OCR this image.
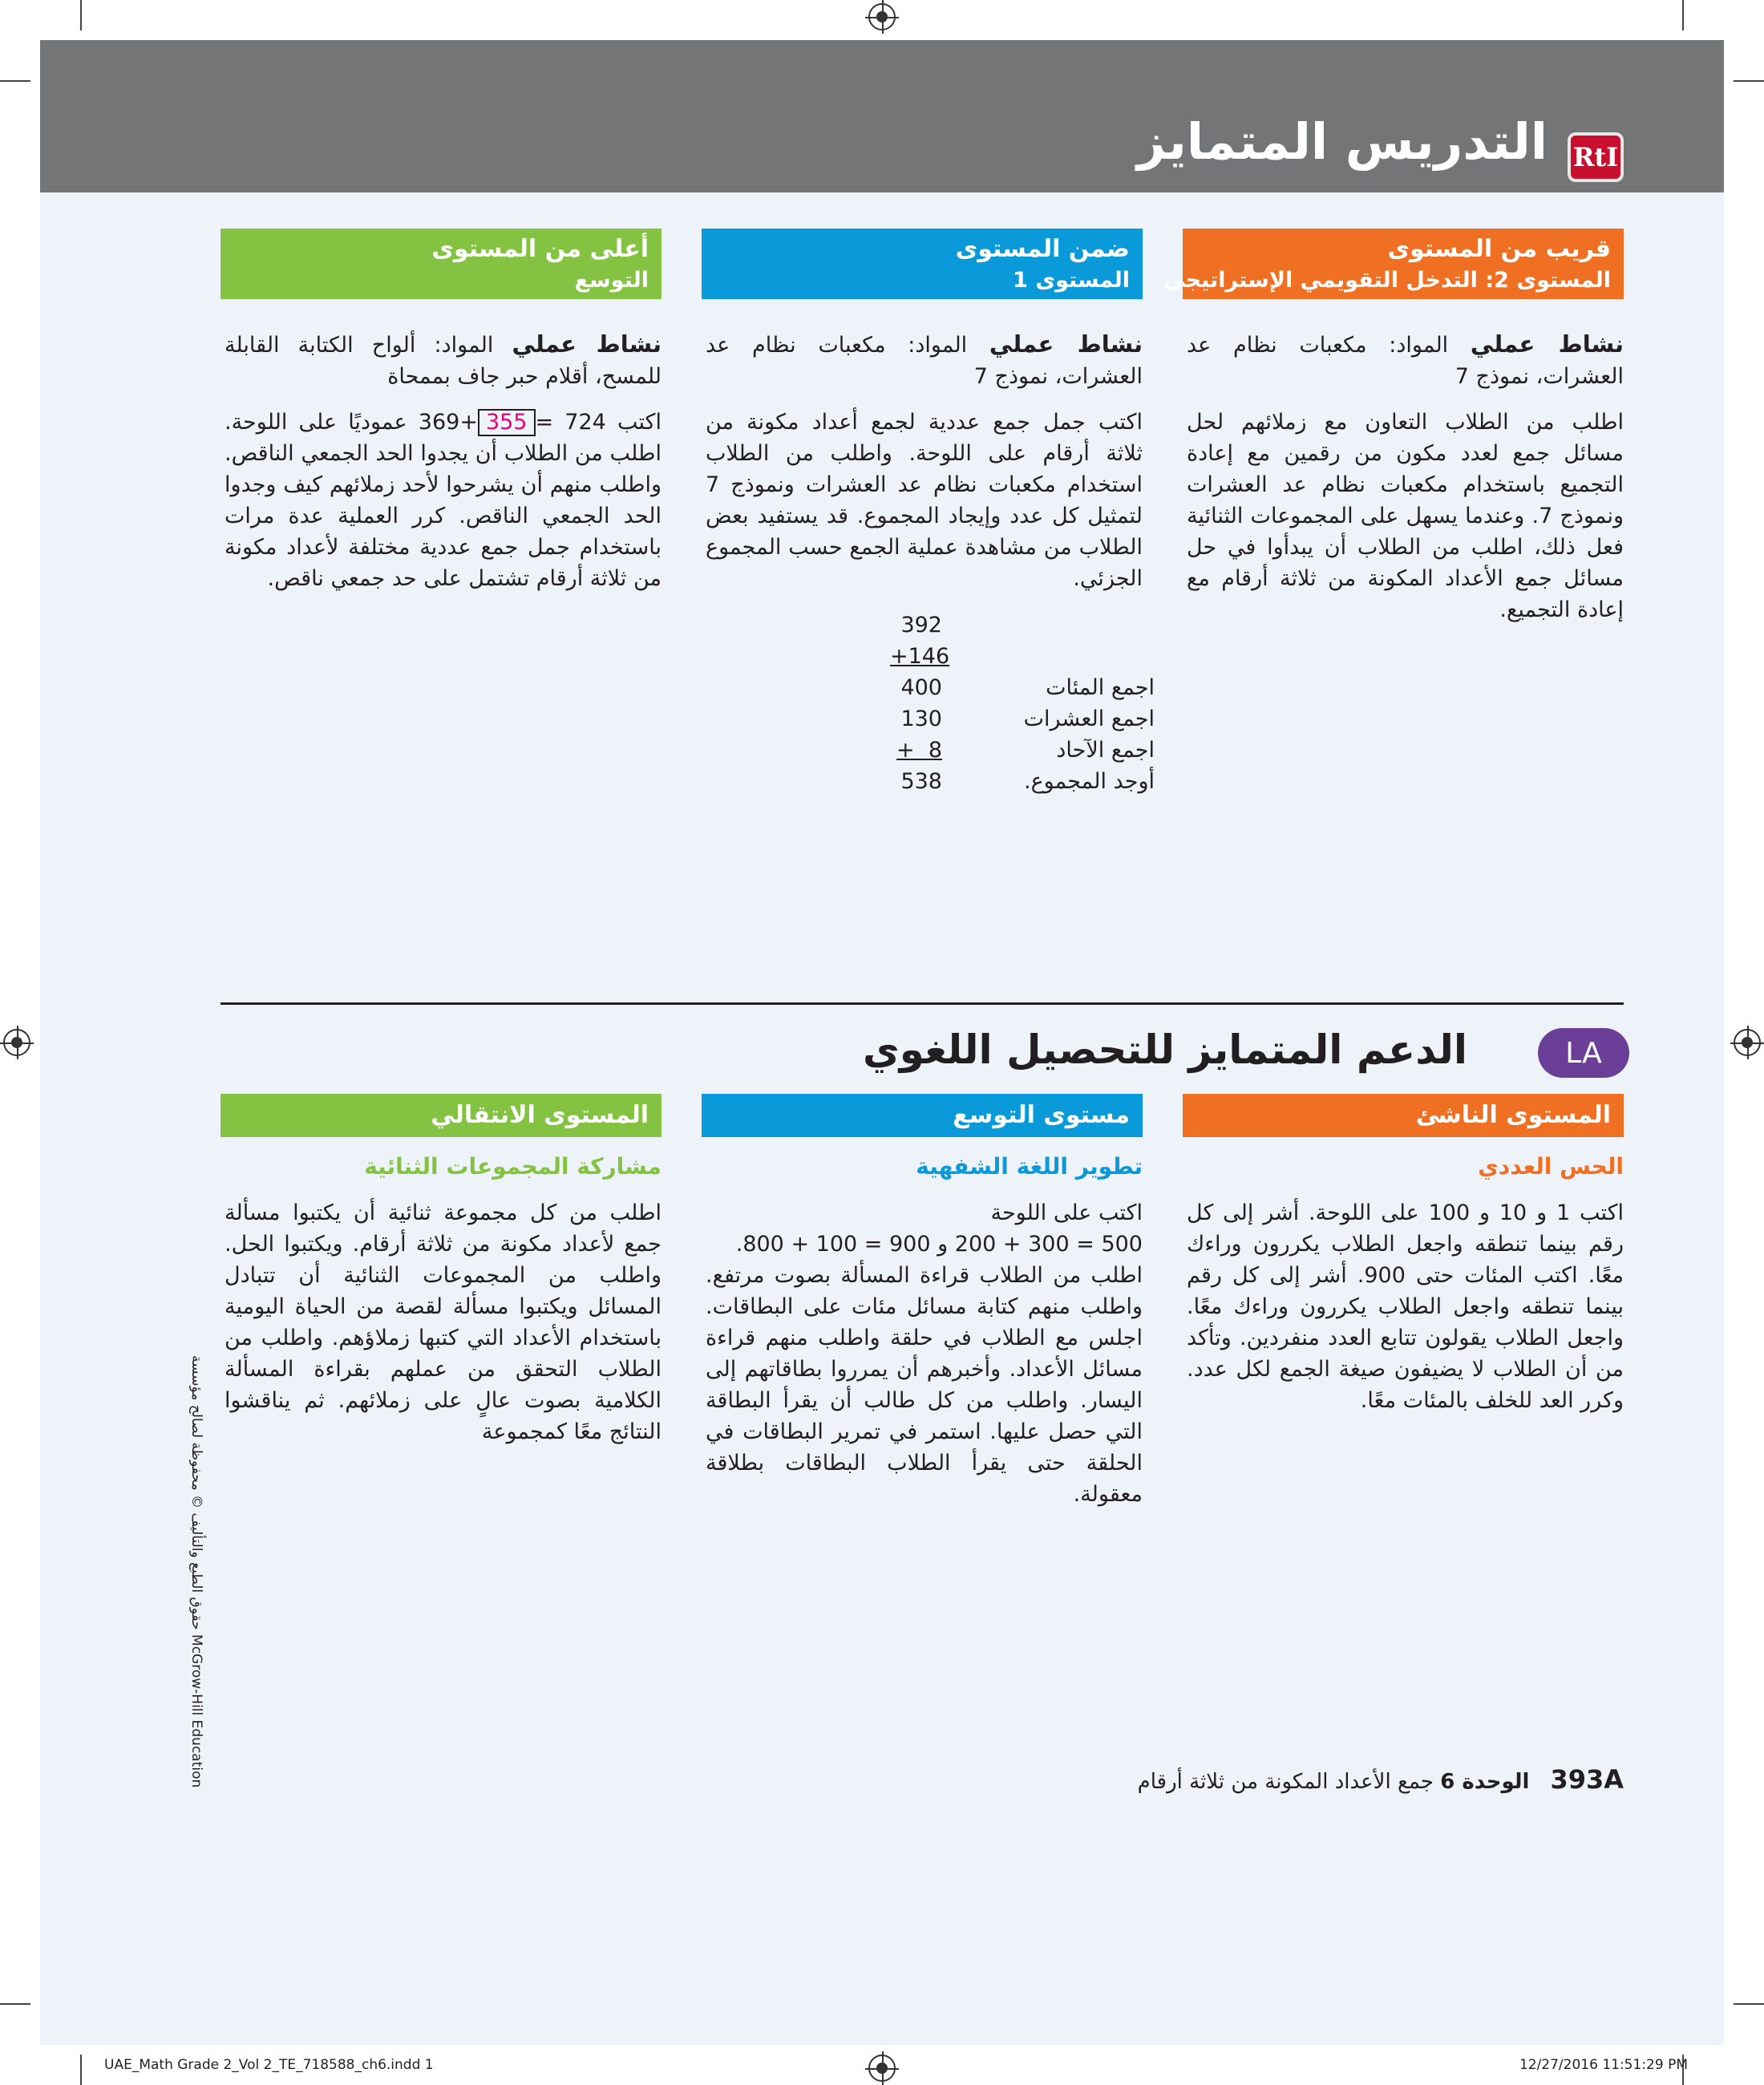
RtI
التدريس المتمايز
قريب من المستوى
المستوى 2: التدخل التقويمي الإستراتيجي
ضمن المستوى
المستوى 1
أعلى من المستوى
التوسع

نشاط عملي المواد: مكعبات نظام عد العشرات، نموذج 7

اطلب من الطلاب التعاون مع زملائهم لحل مسائل جمع لعدد مكون من رقمين مع إعادة التجميع باستخدام مكعبات نظام عد العشرات ونموذج 7. وعندما يسهل على المجموعات الثنائية فعل ذلك، اطلب من الطلاب أن يبدأوا في حل مسائل جمع الأعداد المكونة من ثلاثة أرقام مع إعادة التجميع.

نشاط عملي المواد: مكعبات نظام عد العشرات، نموذج 7

اكتب جمل جمع عددية لجمع أعداد مكونة من ثلاثة أرقام على اللوحة. واطلب من الطلاب استخدام مكعبات نظام عد العشرات ونموذج 7 لتمثيل كل عدد وإيجاد المجموع. قد يستفيد بعض الطلاب من مشاهدة عملية الجمع حسب المجموع الجزئي.

392
+146
400	اجمع المئات
130	اجمع العشرات
+  8	اجمع الآحاد
538	أوجد المجموع.

نشاط عملي المواد: ألواح الكتابة القابلة للمسح، أقلام حبر جاف بممحاة

اكتب 724 =355+369 عموديًا على اللوحة. اطلب من الطلاب أن يجدوا الحد الجمعي الناقص. واطلب منهم أن يشرحوا لأحد زملائهم كيف وجدوا الحد الجمعي الناقص. كرر العملية عدة مرات باستخدام جمل جمع عددية مختلفة لأعداد مكونة من ثلاثة أرقام تشتمل على حد جمعي ناقص.

LA
الدعم المتمايز للتحصيل اللغوي
المستوى الناشئ
مستوى التوسع
المستوى الانتقالي
الحس العددي
تطوير اللغة الشفهية
مشاركة المجموعات الثنائية

اكتب 1 و 10 و 100 على اللوحة. أشر إلى كل رقم بينما تنطقه واجعل الطلاب يكررون وراءك معًا. اكتب المئات حتى 900. أشر إلى كل رقم بينما تنطقه واجعل الطلاب يكررون وراءك معًا. واجعل الطلاب يقولون تتابع العدد منفردين. وتأكد من أن الطلاب لا يضيفون صيغة الجمع لكل عدد. وكرر العد للخلف بالمئات معًا.

اكتب على اللوحة

500 = 300 + 200 و 900 = 100 + 800.

اطلب من الطلاب قراءة المسألة بصوت مرتفع. واطلب منهم كتابة مسائل مئات على البطاقات. اجلس مع الطلاب في حلقة واطلب منهم قراءة مسائل الأعداد. وأخبرهم أن يمرروا بطاقاتهم إلى اليسار. واطلب من كل طالب أن يقرأ البطاقة التي حصل عليها. استمر في تمرير البطاقات في الحلقة حتى يقرأ الطلاب البطاقات بطلاقة معقولة.

اطلب من كل مجموعة ثنائية أن يكتبوا مسألة جمع لأعداد مكونة من ثلاثة أرقام. ويكتبوا الحل. واطلب من المجموعات الثنائية أن تتبادل المسائل ويكتبوا مسألة لقصة من الحياة اليومية باستخدام الأعداد التي كتبها زملاؤهم. واطلب من الطلاب التحقق من عملهم بقراءة المسألة الكلامية بصوت عالٍ على زملائهم. ثم يناقشوا النتائج معًا كمجموعة

حقوق الطبع والتأليف © محفوظة لصالح مؤسسة McGrow-Hill Education	393A
الوحدة 6 جمع الأعداد المكونة من ثلاثة أرقام
UAE_Math Grade 2_Vol 2_TE_718588_ch6.indd 1	12/27/2016 11:51:29 PM
